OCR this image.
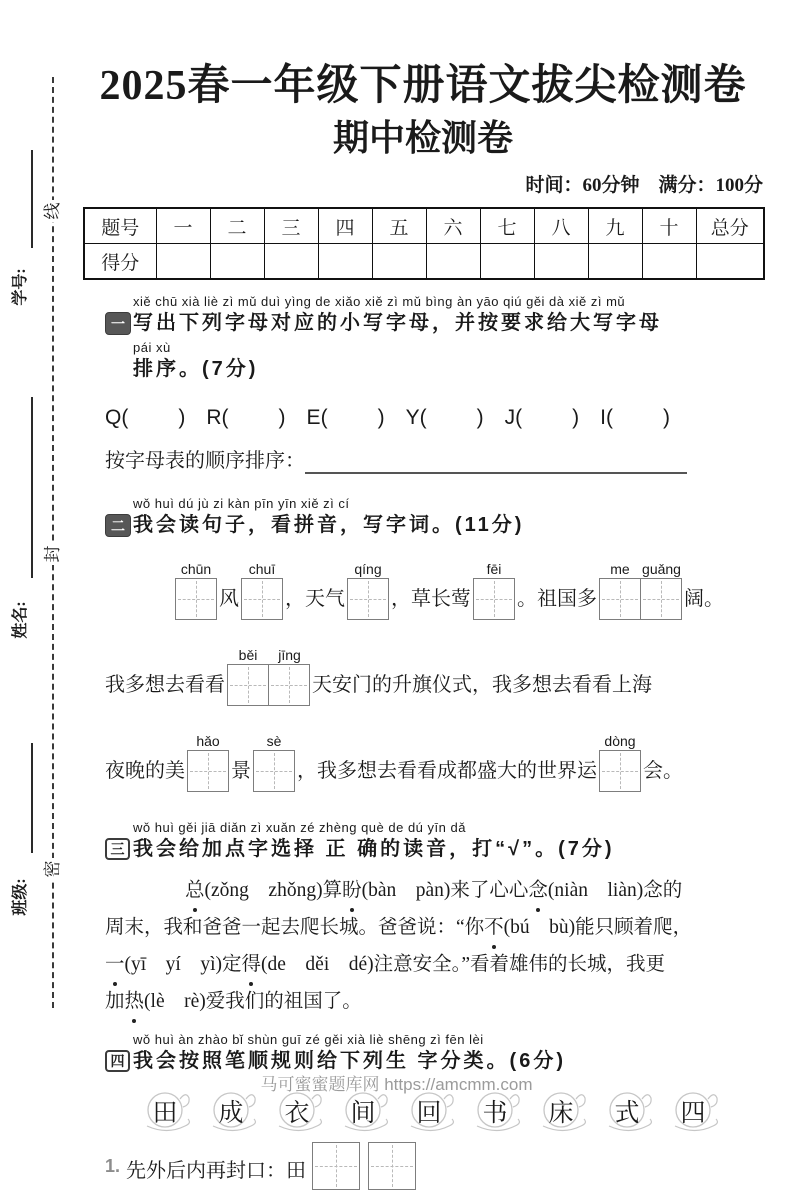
线
封
密
学号:
姓名:
班级:
2025春一年级下册语文拔尖检测卷
期中检测卷
时间：60分钟　满分：100分
题号	一	二	三	四	五	六	七	八	九	十	总分
得分											
xiě chū xià liè zì mǔ duì yìng de xiǎo xiě zì mǔ bìng àn yāo qiú gěi dà xiě zì mǔ
一 写出下列字母对应的小写字母，并按要求给大写字母
pái xù
排序。(7分)
Q( ) R( ) E( ) Y( ) J( ) I( )
按字母表的顺序排序：
wǒ huì dú jù zi kàn pīn yīn xiě zì cí
二 我会读句子，看拼音，写字词。(11分)
chūn
风
chuī
，天气
qíng
，草长莺
fēi
。祖国多
me guǎng
阔。
我多想去看看
běi jīng
天安门的升旗仪式，我多想去看看上海
夜晚的美
hǎo
景
sè
，我多想去看看成都盛大的世界运
dòng
会。
wǒ huì gěi jiā diǎn zì xuǎn zé zhèng què de dú yīn dǎ
三 我会给加点字选择 正 确的读音，打“√”。(7分)
总(zǒng　zhǒng)算盼(bàn　pàn)来了心心念(niàn　liàn)念的
周末，我和爸爸一起去爬长城。爸爸说：“你不(bú　bù)能只顾着爬，
一(yī　yí　yì)定得(de　děi　dé)注意安全。”看着雄伟的长城，我更
加热(lè　rè)爱我们的祖国了。
wǒ huì àn zhào bǐ shùn guī zé gěi xià liè shēng zì fēn lèi
四 我会按照笔顺规则给下列生 字分类。(6分)
田 成 衣 间 回 书 床 式 四
1. 先外后内再封口：田
马可蜜蜜题库网 https://amcmm.com
